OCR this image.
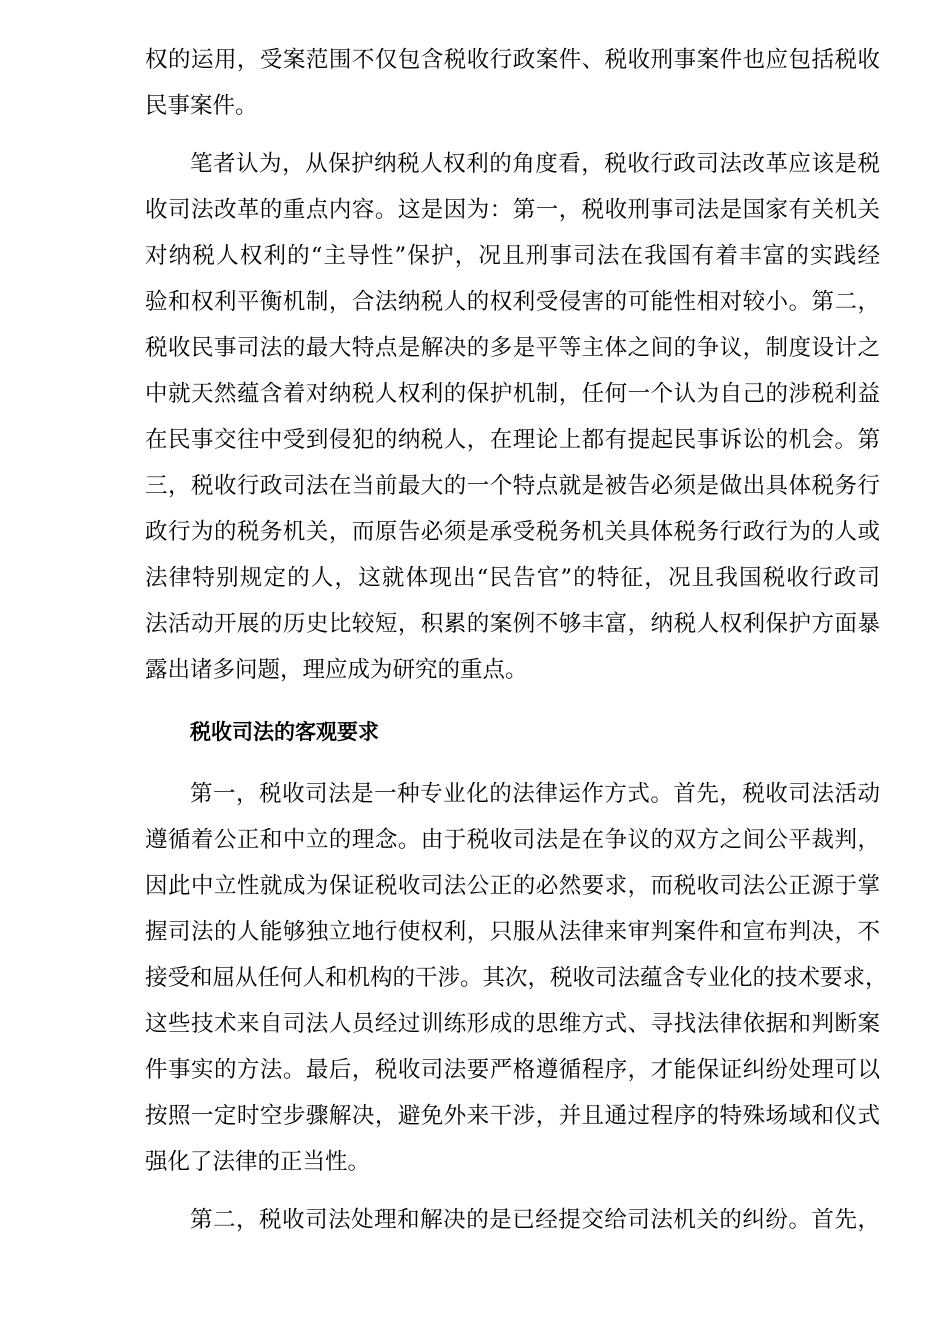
权的运用，受案范围不仅包含税收行政案件、税收刑事案件也应包括税收
民事案件。
笔者认为，从保护纳税人权利的角度看，税收行政司法改革应该是税
收司法改革的重点内容。这是因为：第一，税收刑事司法是国家有关机关
对纳税人权利的“主导性”保护，况且刑事司法在我国有着丰富的实践经
验和权利平衡机制，合法纳税人的权利受侵害的可能性相对较小。第二，
税收民事司法的最大特点是解决的多是平等主体之间的争议，制度设计之
中就天然蕴含着对纳税人权利的保护机制，任何一个认为自己的涉税利益
在民事交往中受到侵犯的纳税人，在理论上都有提起民事诉讼的机会。第
三，税收行政司法在当前最大的一个特点就是被告必须是做出具体税务行
政行为的税务机关，而原告必须是承受税务机关具体税务行政行为的人或
法律特别规定的人，这就体现出“民告官”的特征，况且我国税收行政司
法活动开展的历史比较短，积累的案例不够丰富，纳税人权利保护方面暴
露出诸多问题，理应成为研究的重点。
税收司法的客观要求
第一，税收司法是一种专业化的法律运作方式。首先，税收司法活动
遵循着公正和中立的理念。由于税收司法是在争议的双方之间公平裁判，
因此中立性就成为保证税收司法公正的必然要求，而税收司法公正源于掌
握司法的人能够独立地行使权利，只服从法律来审判案件和宣布判决，不
接受和屈从任何人和机构的干涉。其次，税收司法蕴含专业化的技术要求，
这些技术来自司法人员经过训练形成的思维方式、寻找法律依据和判断案
件事实的方法。最后，税收司法要严格遵循程序，才能保证纠纷处理可以
按照一定时空步骤解决，避免外来干涉，并且通过程序的特殊场域和仪式
强化了法律的正当性。
第二，税收司法处理和解决的是已经提交给司法机关的纠纷。首先，
